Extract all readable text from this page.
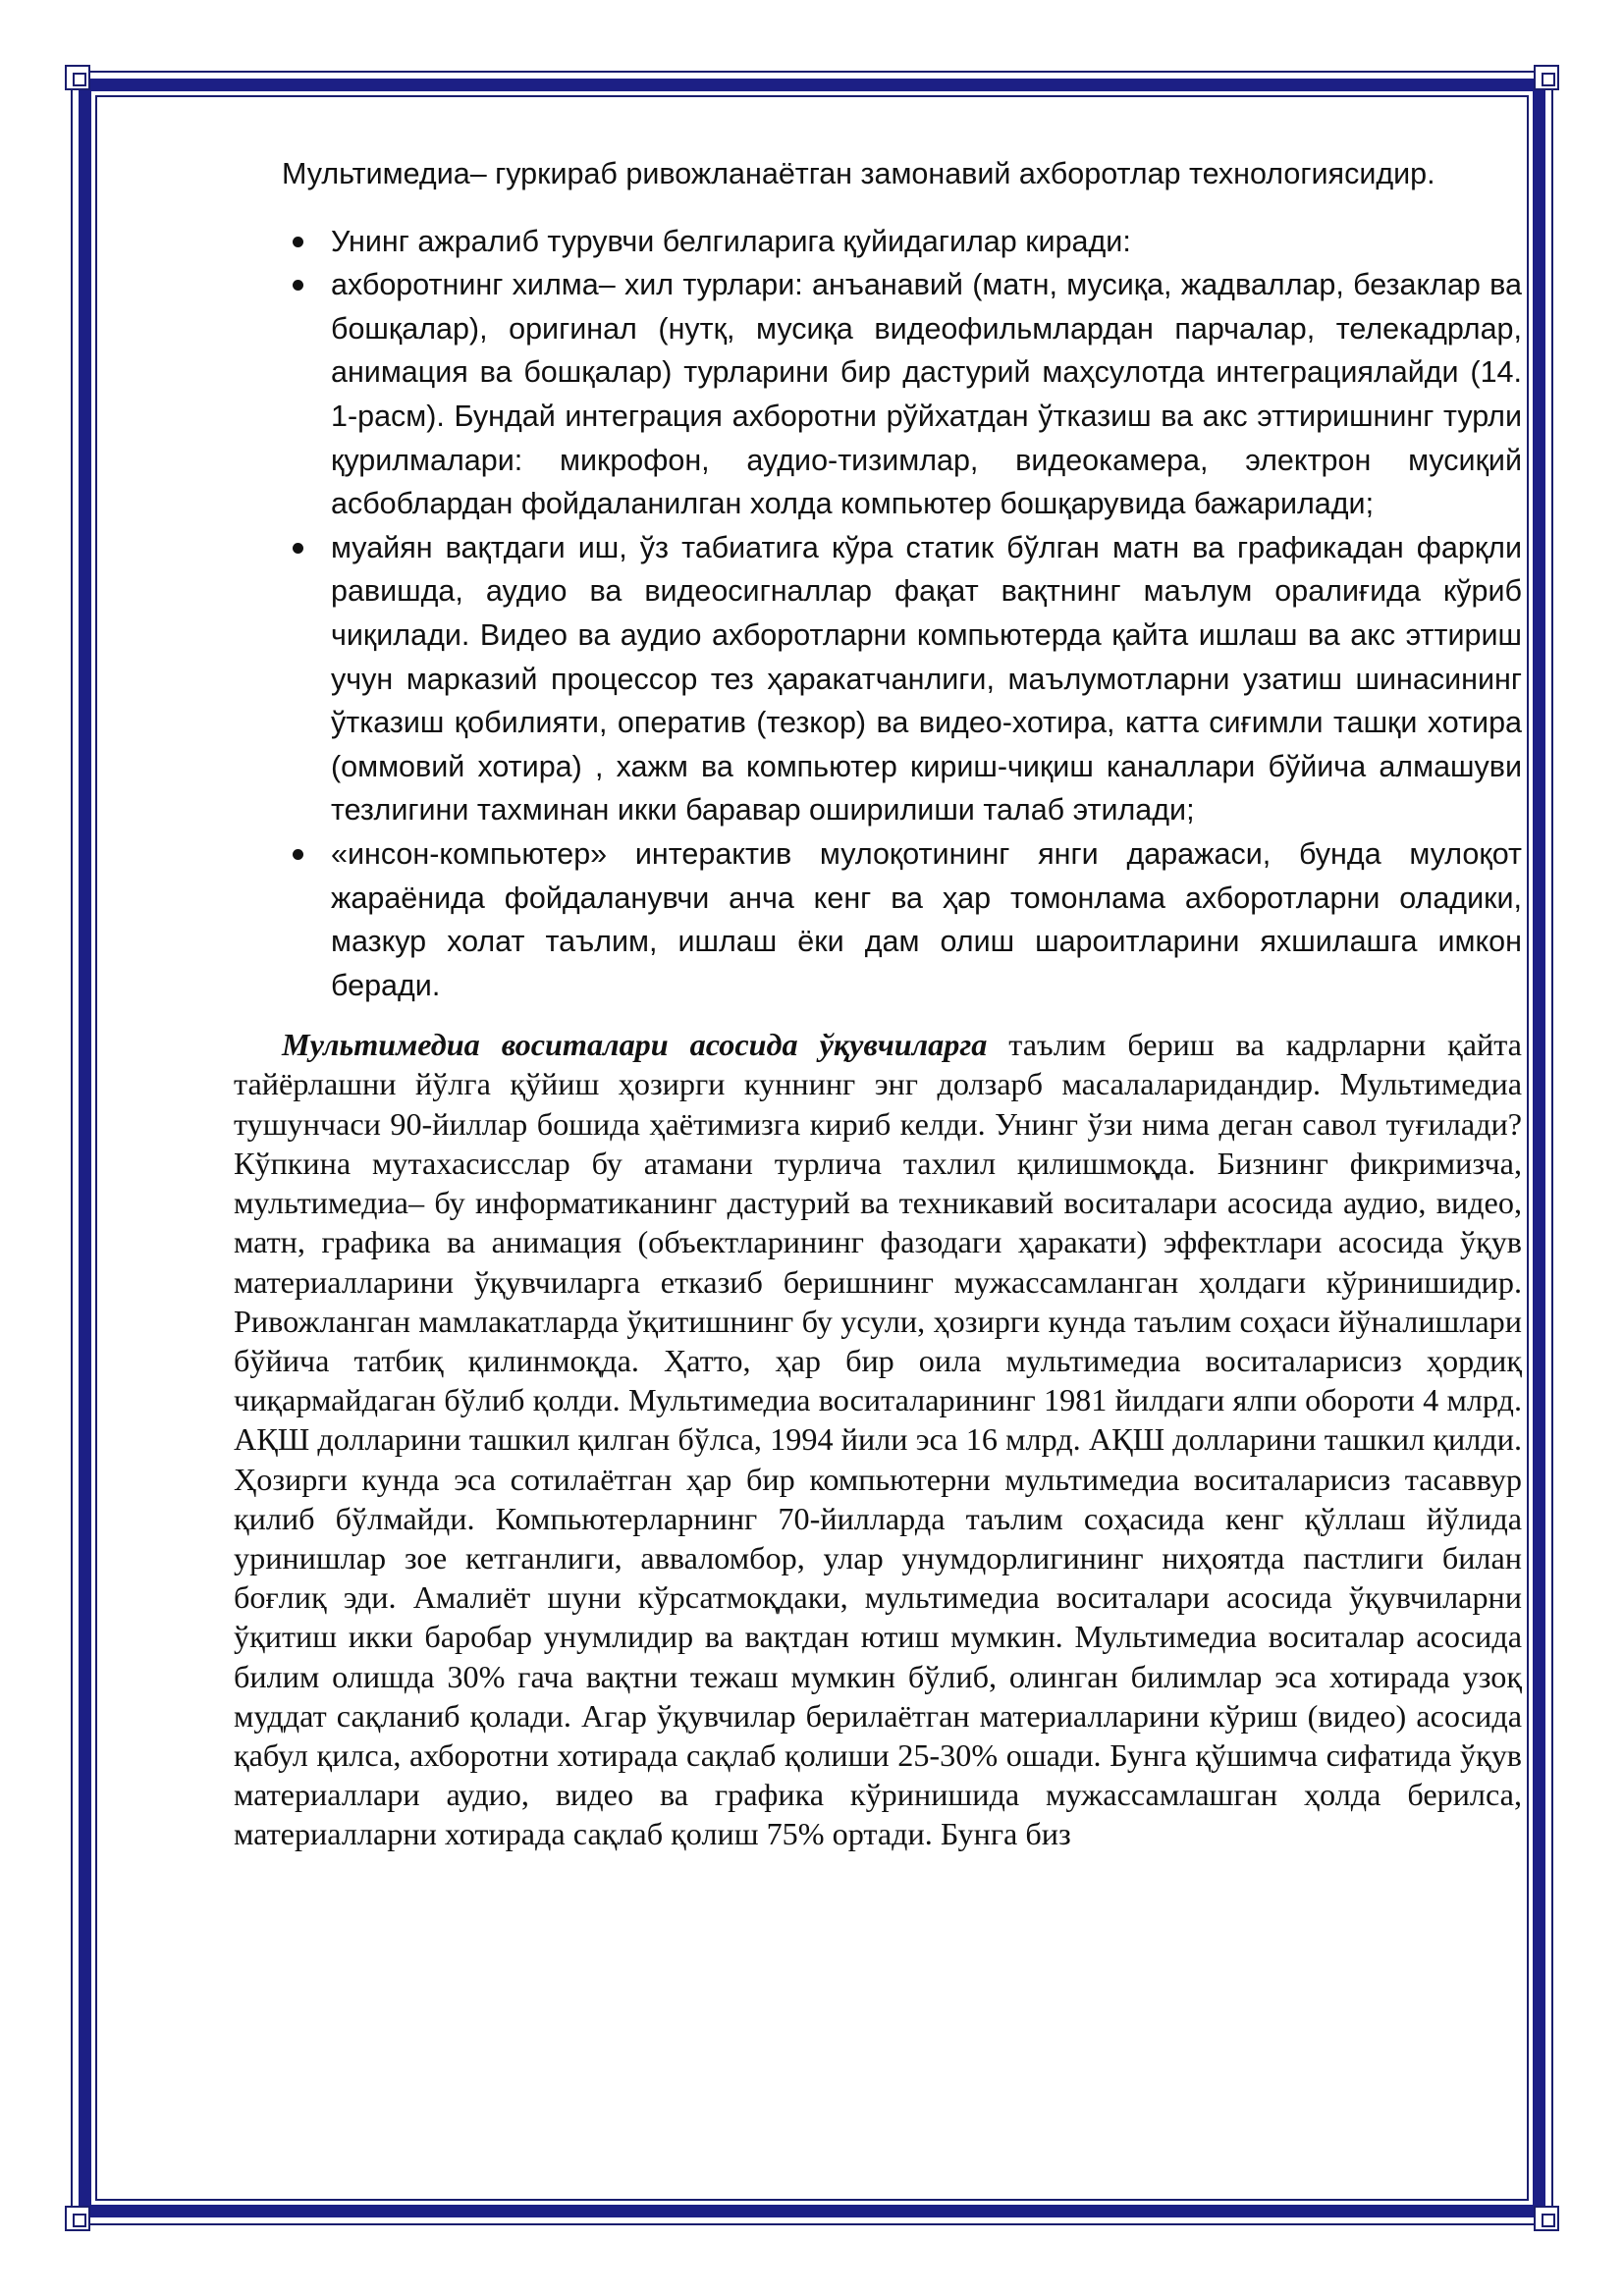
Мультимедиа– гуркираб ривожланаётган замонавий ахборотлар технологиясидир.

Унинг ажралиб турувчи белгиларига қуйидагилар киради:
ахборотнинг хилма– хил турлари: анъанавий (матн, мусиқа, жадваллар, безаклар ва бошқалар), оригинал (нутқ, мусиқа видеофильмлардан парчалар, телекадрлар, анимация ва бошқалар) турларини бир дастурий маҳсулотда интеграциялайди (14. 1-расм). Бундай интеграция ахборотни рўйхатдан ўтказиш ва акс эттиришнинг турли қурилмалари: микрофон, аудио-тизимлар, видеокамера, электрон мусиқий асбоблардан фойдаланилган холда компьютер бошқарувида бажарилади;
муайян вақтдаги иш, ўз табиатига кўра статик бўлган матн ва графикадан фарқли равишда, аудио ва видеосигналлар фақат вақтнинг маълум оралиғида кўриб чиқилади. Видео ва аудио ахборотларни компьютерда қайта ишлаш ва акс эттириш учун марказий процессор тез ҳаракатчанлиги, маълумотларни узатиш шинасининг ўтказиш қобилияти, оператив (тезкор) ва видео-хотира, катта сиғимли ташқи хотира (оммовий хотира) , хажм ва компьютер кириш-чиқиш каналлари бўйича алмашуви тезлигини тахминан икки баравар оширилиши талаб этилади;
«инсон-компьютер» интерактив мулоқотининг янги даражаси, бунда мулоқот жараёнида фойдаланувчи анча кенг ва ҳар томонлама ахборотларни оладики, мазкур холат таълим, ишлаш ёки дам олиш шароитларини яхшилашга имкон беради.

Мультимедиа воситалари асосида ўқувчиларга таълим бериш ва кадрларни қайта тайёрлашни йўлга қўйиш ҳозирги куннинг энг долзарб масалаларидандир. Мультимедиа тушунчаси 90-йиллар бошида ҳаётимизга кириб келди. Унинг ўзи нима деган савол туғилади? Кўпкина мутахасисслар бу атамани турлича тахлил қилишмоқда. Бизнинг фикримизча, мультимедиа– бу информатиканинг дастурий ва техникавий воситалари асосида аудио, видео, матн, графика ва анимация (объектларининг фазодаги ҳаракати) эффектлари асосида ўқув материалларини ўқувчиларга етказиб беришнинг мужассамланган ҳолдаги кўринишидир. Ривожланган мамлакатларда ўқитишнинг бу усули, ҳозирги кунда таълим соҳаси йўналишлари бўйича татбиқ қилинмоқда. Ҳатто, ҳар бир оила мультимедиа воситаларисиз ҳордиқ чиқармайдаган бўлиб қолди. Мультимедиа воситаларининг 1981 йилдаги ялпи обороти 4 млрд. АҚШ долларини ташкил қилган бўлса, 1994 йили эса 16 млрд. АҚШ долларини ташкил қилди. Ҳозирги кунда эса сотилаётган ҳар бир компьютерни мультимедиа воситаларисиз тасаввур қилиб бўлмайди. Компьютерларнинг 70-йилларда таълим соҳасида кенг қўллаш йўлида уринишлар зое кетганлиги, авваломбор, улар унумдорлигининг ниҳоятда пастлиги билан боғлиқ эди. Амалиёт шуни кўрсатмоқдаки, мультимедиа воситалари асосида ўқувчиларни ўқитиш икки баробар унумлидир ва вақтдан ютиш мумкин. Мультимедиа воситалар асосида билим олишда 30% гача вақтни тежаш мумкин бўлиб, олинган билимлар эса хотирада узоқ муддат сақланиб қолади. Агар ўқувчилар берилаётган материалларини кўриш (видео) асосида қабул қилса, ахборотни хотирада сақлаб қолиши 25-30% ошади. Бунга қўшимча сифатида ўқув материаллари аудио, видео ва графика кўринишида мужассамлашган ҳолда берилса, материалларни хотирада сақлаб қолиш 75% ортади. Бунга биз
